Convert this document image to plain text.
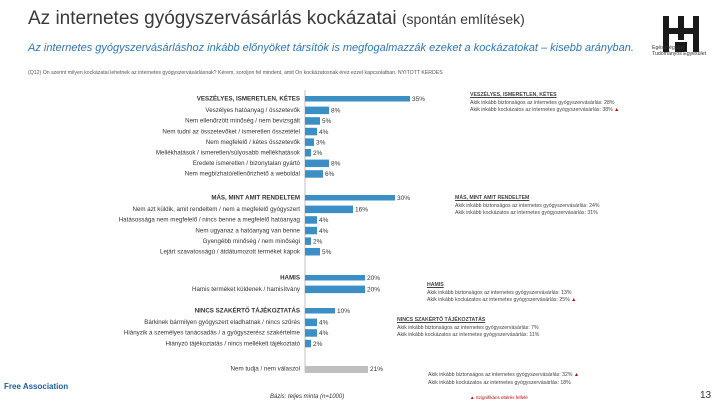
Az internetes gyógyszervásárlás kockázatai (spontán említések)
Az internetes gyógyszervásárláshoz inkább előnyöket társítók is megfogalmazzák ezeket a kockázatokat – kisebb arányban.
(Q12) Ön szerint milyen kockázatai lehetnek az internetes gyógyszervásárlásnak? Kérem, soroljon fel mindent, amit Ön kockázatosnak érez ezzel kapcsolatban. NYITOTT KÉRDÉS
Egészségügyi Tudományos Egyesület
VESZÉLYES, ISMERETLEN, KÉTES	35%
Veszélyes hatóanyag / összetevők	8%
Nem ellenőrzött minőség / nem bevizsgált	5%
Nem tudni az összetevőket / ismeretlen összetétel	4%
Nem megfelelő / kétes összetevők 3%
Mellékhatások / ismeretlen/súlyosabb mellékhatások 2%
Eredete ismeretlen / bizonytalan gyártó	8%
Nem megbízható/ellenőrizhető a weboldal	6%
MÁS, MINT AMIT RENDELTEM	30%
Nem azt küldik, amit rendeltem / nem a megfelelő gyógyszert	16%
Hatásossága nem megfelelő / nincs benne a megfelelő hatóanyag	4%
Nem ugyanaz a hatóanyag van benne	4%
Gyengébb minőség / nem minőségi 2%
Lejárt szavatosságú / átdátumozott terméket kapok	5%
HAMIS	20%
Hamis terméket küldenek / hamisítvány	20%
NINCS SZAKÉRTŐ TÁJÉKOZTATÁS	10%
Bárkinek bármilyen gyógyszert eladhatnak / nincs szűrés	4%
Hiányzik a személyes tanácsadás / a gyógyszerész szakértelme	4%
Hiányzó tájékoztatás / nincs mellékelt tájékoztató 2%
Nem tudja / nem válaszol	21%
VESZÉLYES, ISMERETLEN, KÉTES
Akik inkább biztonságos az internetes gyógyszervásárlás: 28%
Akik inkább kockázatos az internetes gyógyszervásárlás: 38% ▲
MÁS, MINT AMIT RENDELTEM
Akik inkább biztonságos az internetes gyógyszervásárlás: 24%
Akik inkább kockázatos az internetes gyógyszervásárlás: 31%
HAMIS
Akik inkább biztonságos az internetes gyógyszervásárlás: 13%
Akik inkább kockázatos az internetes gyógyszervásárlás: 25% ▲
NINCS SZAKÉRTŐ TÁJÉKOZTATÁS
Akik inkább biztonságos az internetes gyógyszervásárlás: 7%
Akik inkább kockázatos az internetes gyógyszervásárlás: 11%
Akik inkább biztonságos az internetes gyógyszervásárlás: 32% ▲
Akik inkább kockázatos az internetes gyógyszervásárlás: 18%
Free Association
Bázis: teljes minta (n=1000)	▲ Szignifikáns eltérés felfelé	13
